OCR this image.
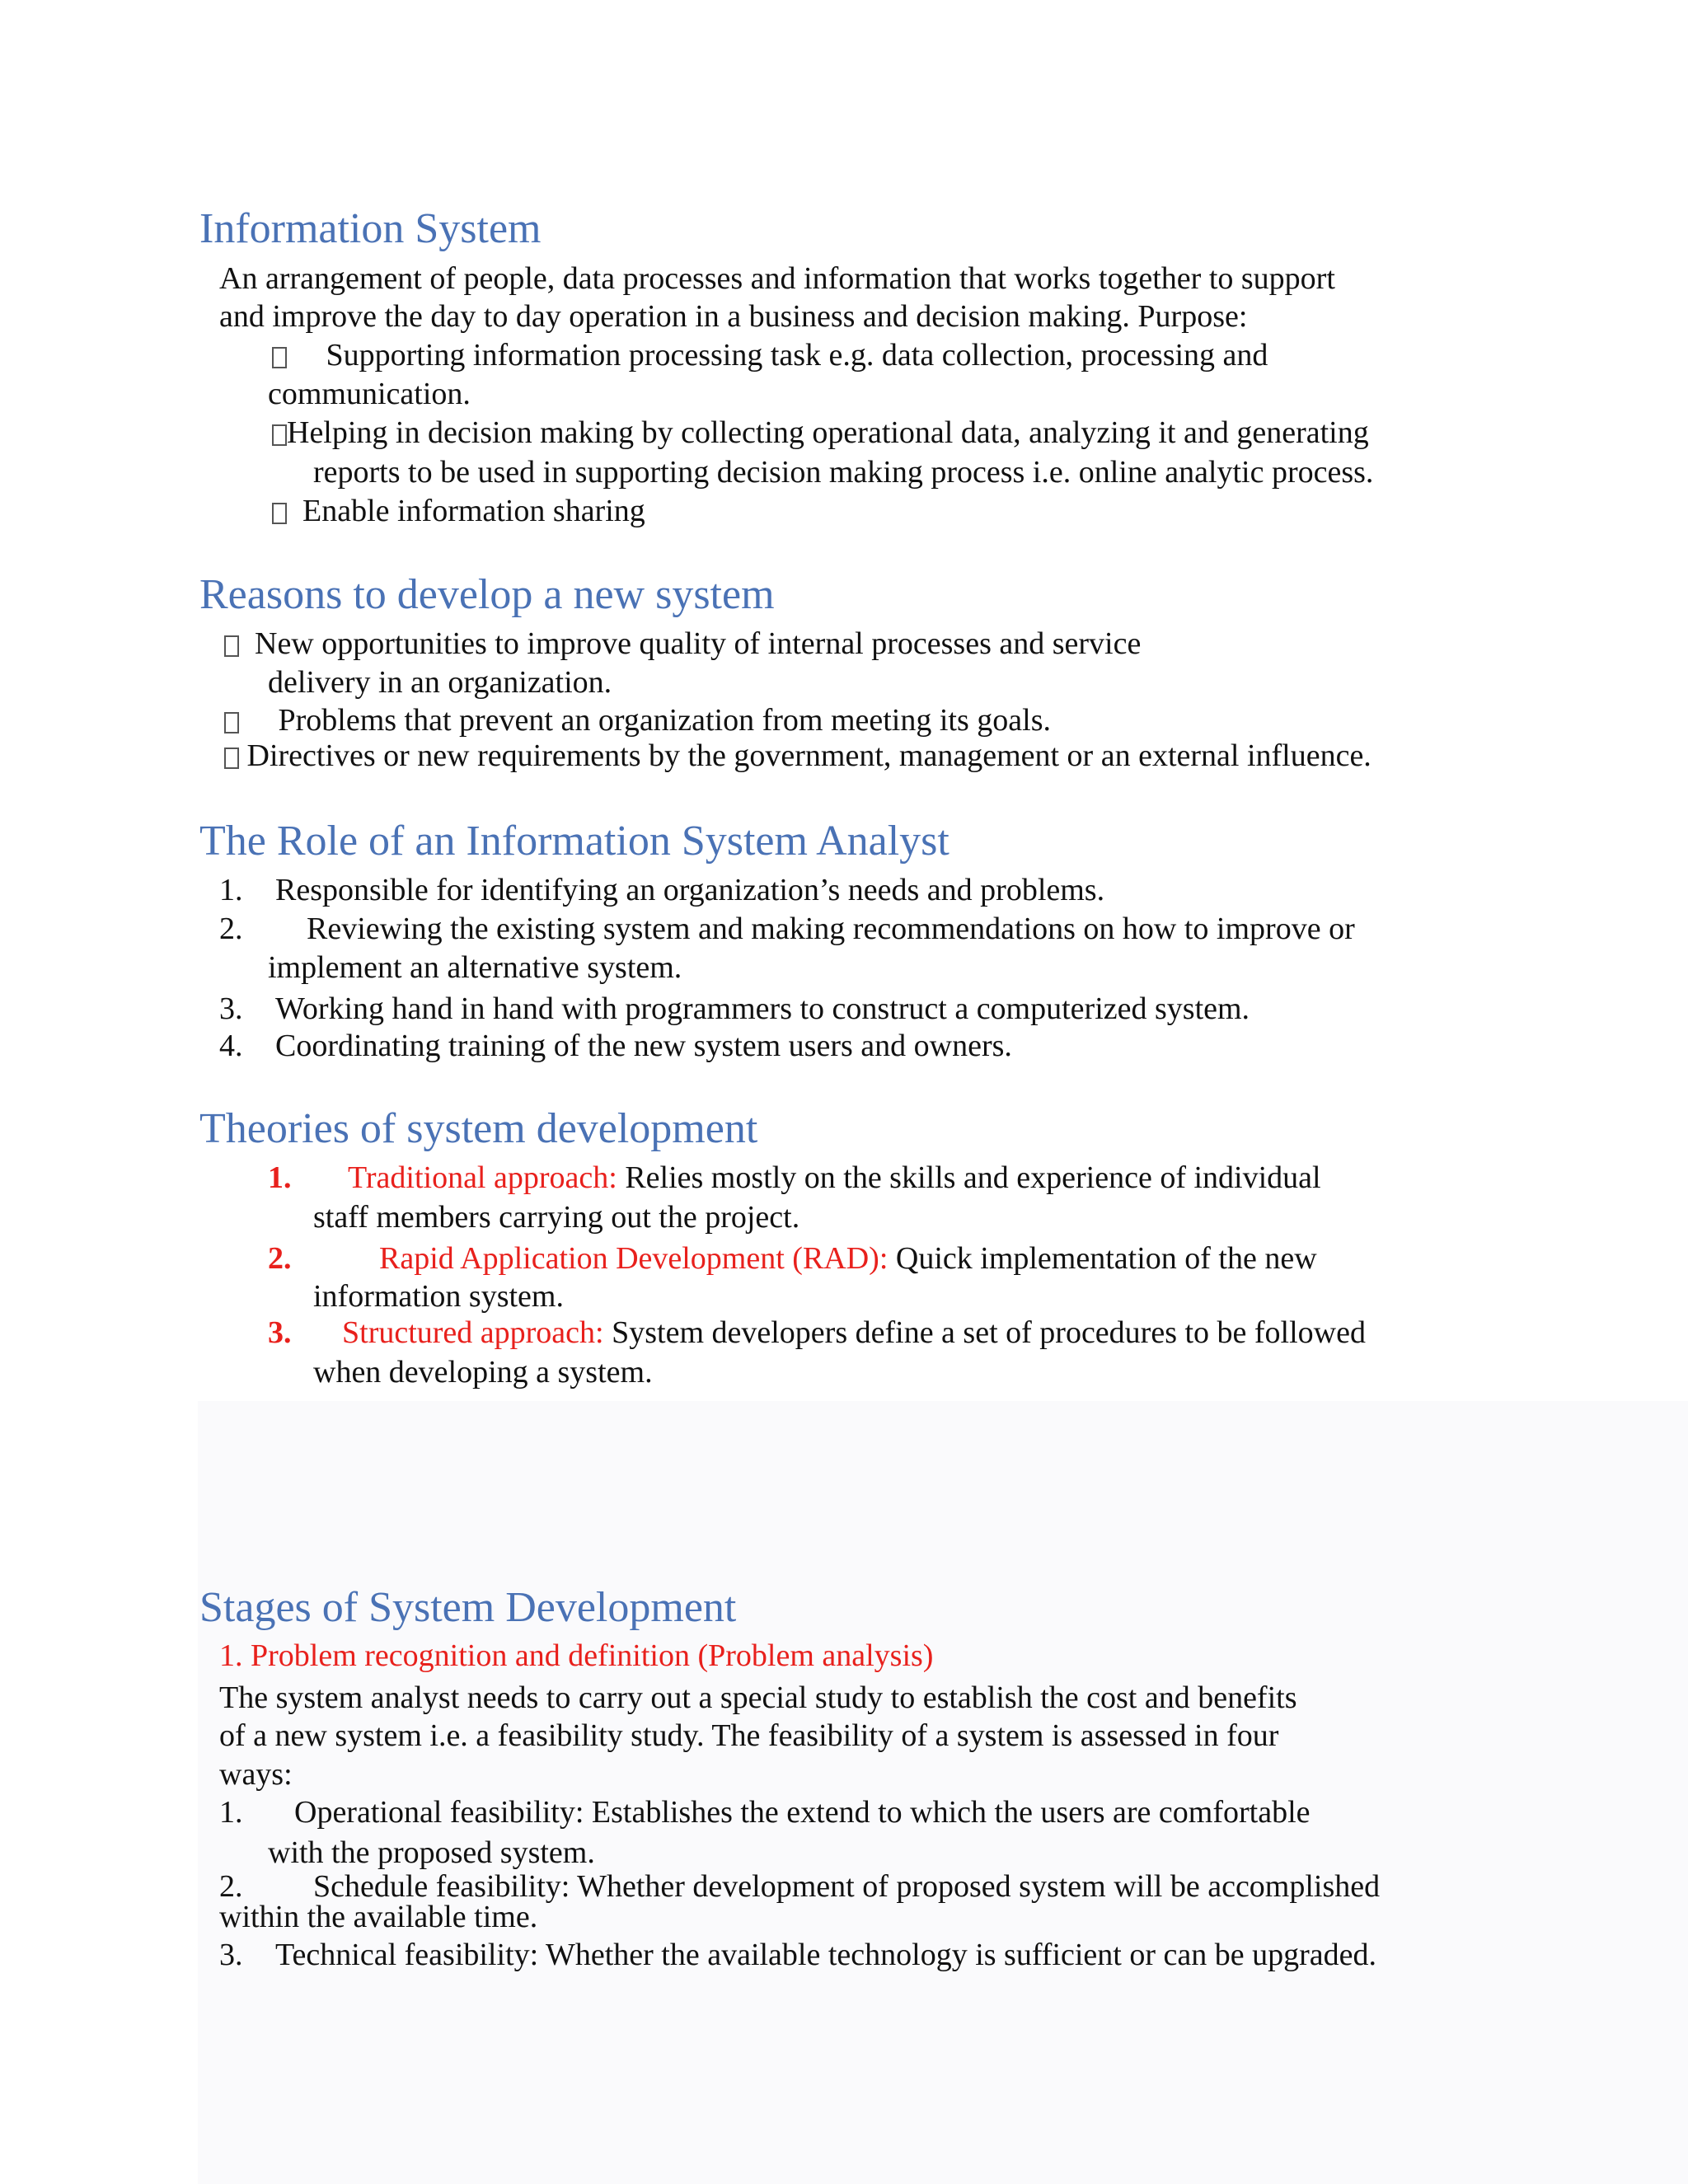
Information System
An arrangement of people, data processes and information that works together to support
and improve the day to day operation in a business and decision making. Purpose:
Supporting information processing task e.g. data collection, processing and
communication.
Helping in decision making by collecting operational data, analyzing it and generating
reports to be used in supporting decision making process i.e. online analytic process.
Enable information sharing
Reasons to develop a new system
New opportunities to improve quality of internal processes and service
delivery in an organization.
Problems that prevent an organization from meeting its goals.
Directives or new requirements by the government, management or an external influence.
The Role of an Information System Analyst
1. Responsible for identifying an organization’s needs and problems.
2. Reviewing the existing system and making recommendations on how to improve or
implement an alternative system.
3. Working hand in hand with programmers to construct a computerized system.
4. Coordinating training of the new system users and owners.
Theories of system development
1. Traditional approach: Relies mostly on the skills and experience of individual
staff members carrying out the project.
2.	Rapid Application Development (RAD): Quick implementation of the new
information system.
3. Structured approach: System developers define a set of procedures to be followed
when developing a system.
Stages of System Development
1. Problem recognition and definition (Problem analysis)
The system analyst needs to carry out a special study to establish the cost and benefits
of a new system i.e. a feasibility study. The feasibility of a system is assessed in four
ways:
1. Operational feasibility: Establishes the extend to which the users are comfortable
with the proposed system.
2. Schedule feasibility: Whether development of proposed system will be accomplished
within the available time.
3. Technical feasibility: Whether the available technology is sufficient or can be upgraded.
